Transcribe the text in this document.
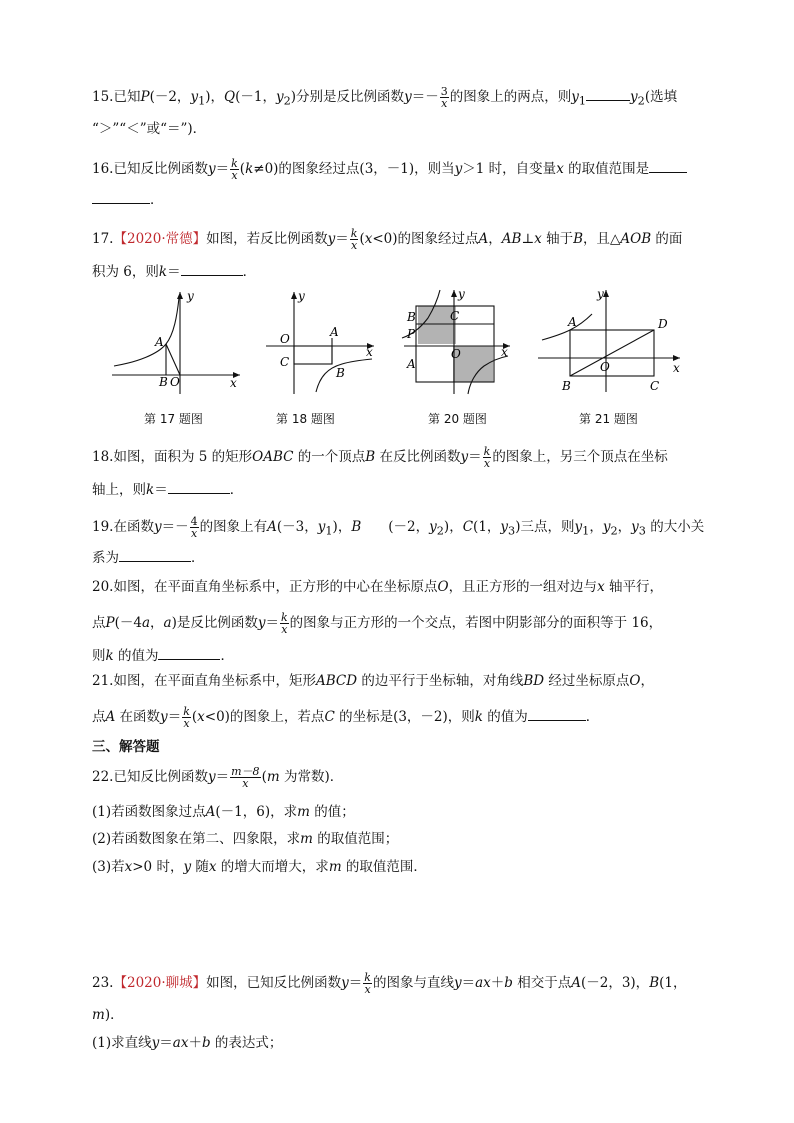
15.已知P(－2，$y_1$)，Q(－1，$y_2$)分别是反比例函数$y=- \frac{3}{x}$ 的图象上的两点，则$y_1$	$y_2$(选填
“＞”“＜”或“＝”)．
16.已知反比例函数$y= \frac{k}{x} (k\ne 0)$的图象经过点(3，－1)，则当y＞1 时，自变量x 的取值范围是
．
17.【2020·常德】如图，若反比例函数$y= \frac{k}{x} (x<0)$的图象经过点A，AB⊥x 轴于B，且△AOB 的面
积为 6，则k＝	．
A
B O	x
y
第 17 题图
O
C
A
B
x
y
第 18 题图
B
P
A
C
O	x
y
第 20 题图
A	D
B	C
O	x
y
第 21 题图
18.如图，面积为 5 的矩形OABC 的一个顶点B 在反比例函数$y= \frac{k}{x}$ 的图象上，另三个顶点在坐标
轴上，则k＝	．
19.在函数$y=- \frac{4}{x}$ 的图象上有A(－3，$y_1$)，B　　(－2，$y_2$)，C(1，$y_3$)三点，则$y_1$，$y_2$，$y_3$ 的大小关
系为	．
20.如图，在平面直角坐标系中，正方形的中心在坐标原点O，且正方形的一组对边与x 轴平行，
点P(－4a，a)是反比例函数$y= \frac{k}{x}$ 的图象与正方形的一个交点，若图中阴影部分的面积等于 16，
则k 的值为	．
21.如图，在平面直角坐标系中，矩形ABCD 的边平行于坐标轴，对角线BD 经过坐标原点O，
点A 在函数$y= \frac{k}{x} (x<0)$的图象上，若点C 的坐标是(3，－2)，则k 的值为	．
三、解答题
22.已知反比例函数$y= \frac{m-8}{x} (m$ 为常数)．
(1)若函数图象过点A(－1，6)，求m 的值；
(2)若函数图象在第二、四象限，求m 的取值范围；
(3)若x>0 时，y 随x 的增大而增大，求m 的取值范围．
23.【2020·聊城】如图，已知反比例函数$y= \frac{k}{x}$ 的图象与直线y＝ax＋b 相交于点A(－2，3)，B(1，
m)．
(1)求直线y＝ax＋b 的表达式；
